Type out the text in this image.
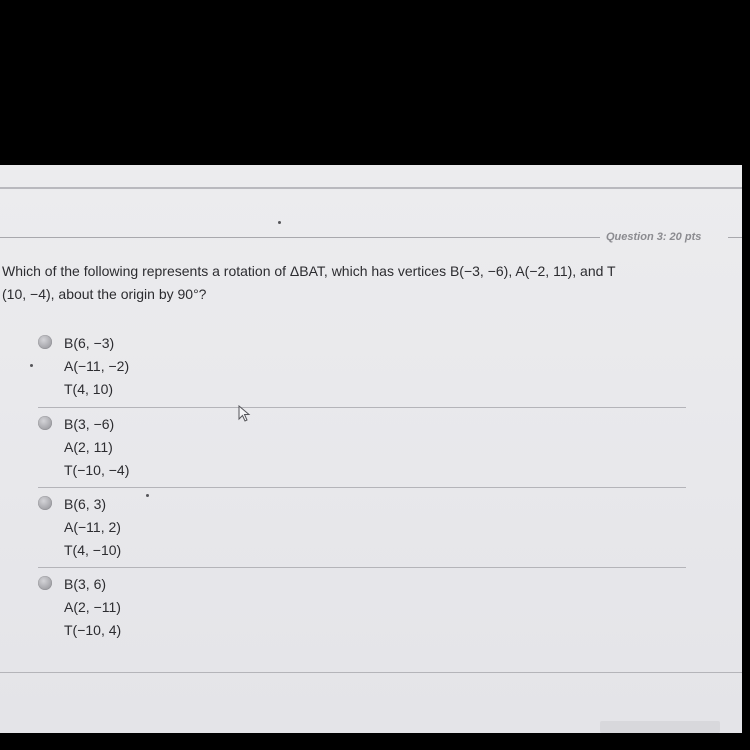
Question 3: 20 pts
Which of the following represents a rotation of ΔBAT, which has vertices B(−3, −6), A(−2, 11), and T
(10, −4), about the origin by 90°?
B(6, −3)
A(−11, −2)
T(4, 10)
B(3, −6)
A(2, 11)
T(−10, −4)
B(6, 3)
A(−11, 2)
T(4, −10)
B(3, 6)
A(2, −11)
T(−10, 4)
